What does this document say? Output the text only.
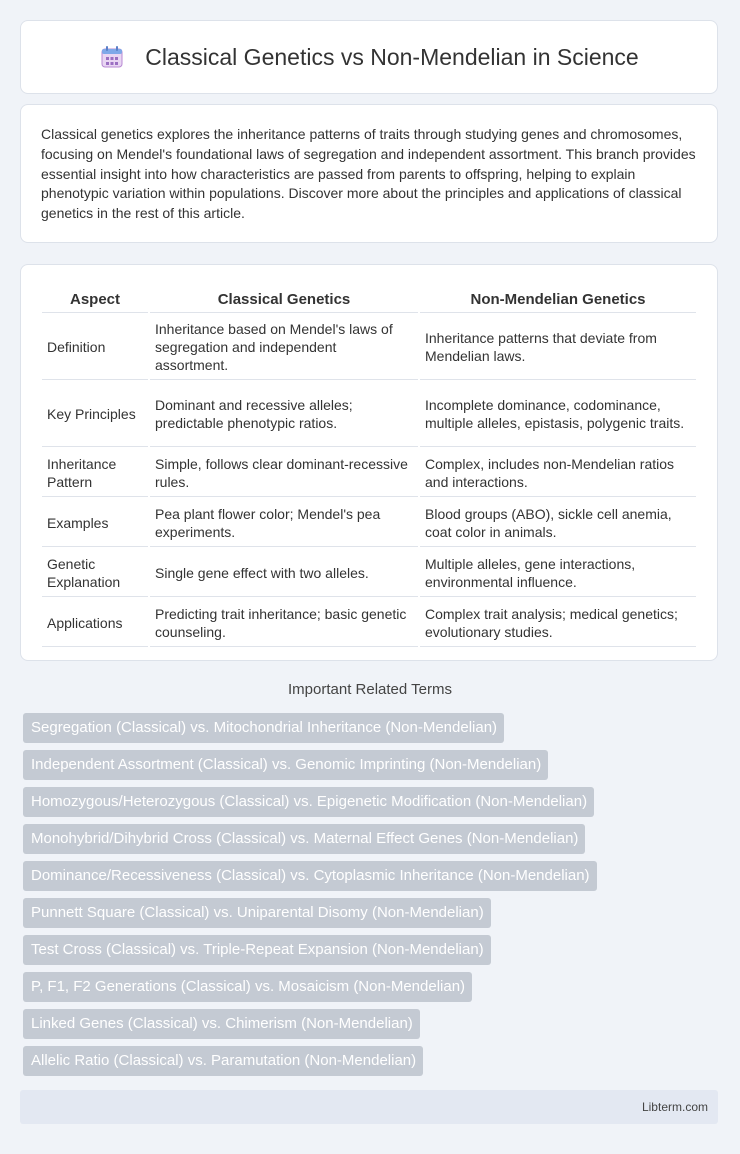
Classical Genetics vs Non-Mendelian in Science

Classical genetics explores the inheritance patterns of traits through studying genes and chromosomes, focusing on Mendel's foundational laws of segregation and independent assortment. This branch provides essential insight into how characteristics are passed from parents to offspring, helping to explain phenotypic variation within populations. Discover more about the principles and applications of classical genetics in the rest of this article.

Aspect	Classical Genetics	Non-Mendelian Genetics
Definition	Inheritance based on Mendel's laws of segregation and independent assortment.	Inheritance patterns that deviate from Mendelian laws.
Key Principles	Dominant and recessive alleles; predictable phenotypic ratios.	Incomplete dominance, codominance, multiple alleles, epistasis, polygenic traits.
Inheritance Pattern	Simple, follows clear dominant-recessive rules.	Complex, includes non-Mendelian ratios and interactions.
Examples	Pea plant flower color; Mendel's pea experiments.	Blood groups (ABO), sickle cell anemia, coat color in animals.
Genetic Explanation	Single gene effect with two alleles.	Multiple alleles, gene interactions, environmental influence.
Applications	Predicting trait inheritance; basic genetic counseling.	Complex trait analysis; medical genetics; evolutionary studies.
Important Related Terms
Segregation (Classical) vs. Mitochondrial Inheritance (Non-Mendelian)
Independent Assortment (Classical) vs. Genomic Imprinting (Non-Mendelian)
Homozygous/Heterozygous (Classical) vs. Epigenetic Modification (Non-Mendelian)
Monohybrid/Dihybrid Cross (Classical) vs. Maternal Effect Genes (Non-Mendelian)
Dominance/Recessiveness (Classical) vs. Cytoplasmic Inheritance (Non-Mendelian)
Punnett Square (Classical) vs. Uniparental Disomy (Non-Mendelian)
Test Cross (Classical) vs. Triple-Repeat Expansion (Non-Mendelian)
P, F1, F2 Generations (Classical) vs. Mosaicism (Non-Mendelian)
Linked Genes (Classical) vs. Chimerism (Non-Mendelian)
Allelic Ratio (Classical) vs. Paramutation (Non-Mendelian)
Libterm.com
